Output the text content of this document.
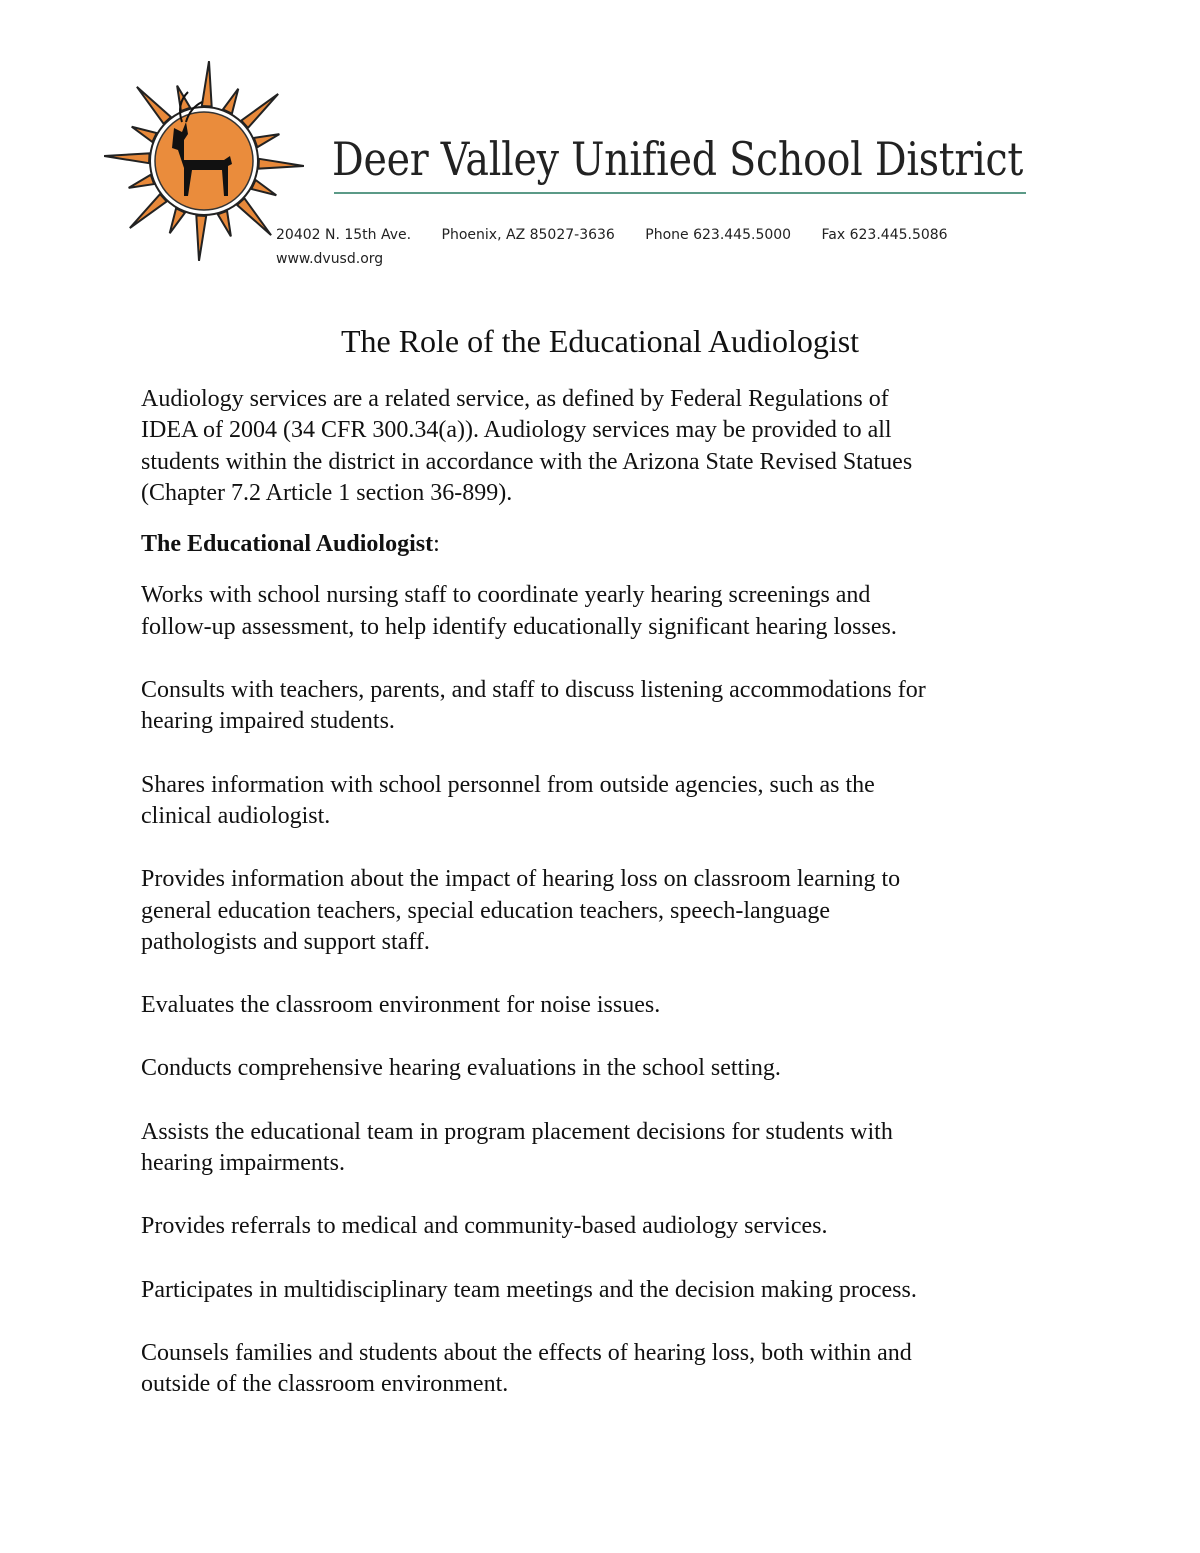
Deer Valley Unified School District
20402 N. 15th Ave. Phoenix, AZ 85027-3636 Phone 623.445.5000 Fax 623.445.5086
www.dvusd.org
The Role of the Educational Audiologist
Audiology services are a related service, as defined by Federal Regulations of
IDEA of 2004 (34 CFR 300.34(a)). Audiology services may be provided to all
students within the district in accordance with the Arizona State Revised Statues
(Chapter 7.2 Article 1 section 36-899).
The Educational Audiologist:
Works with school nursing staff to coordinate yearly hearing screenings and
follow-up assessment, to help identify educationally significant hearing losses.
Consults with teachers, parents, and staff to discuss listening accommodations for
hearing impaired students.
Shares information with school personnel from outside agencies, such as the
clinical audiologist.
Provides information about the impact of hearing loss on classroom learning to
general education teachers, special education teachers, speech-language
pathologists and support staff.
Evaluates the classroom environment for noise issues.
Conducts comprehensive hearing evaluations in the school setting.
Assists the educational team in program placement decisions for students with
hearing impairments.
Provides referrals to medical and community-based audiology services.
Participates in multidisciplinary team meetings and the decision making process.
Counsels families and students about the effects of hearing loss, both within and
outside of the classroom environment.
